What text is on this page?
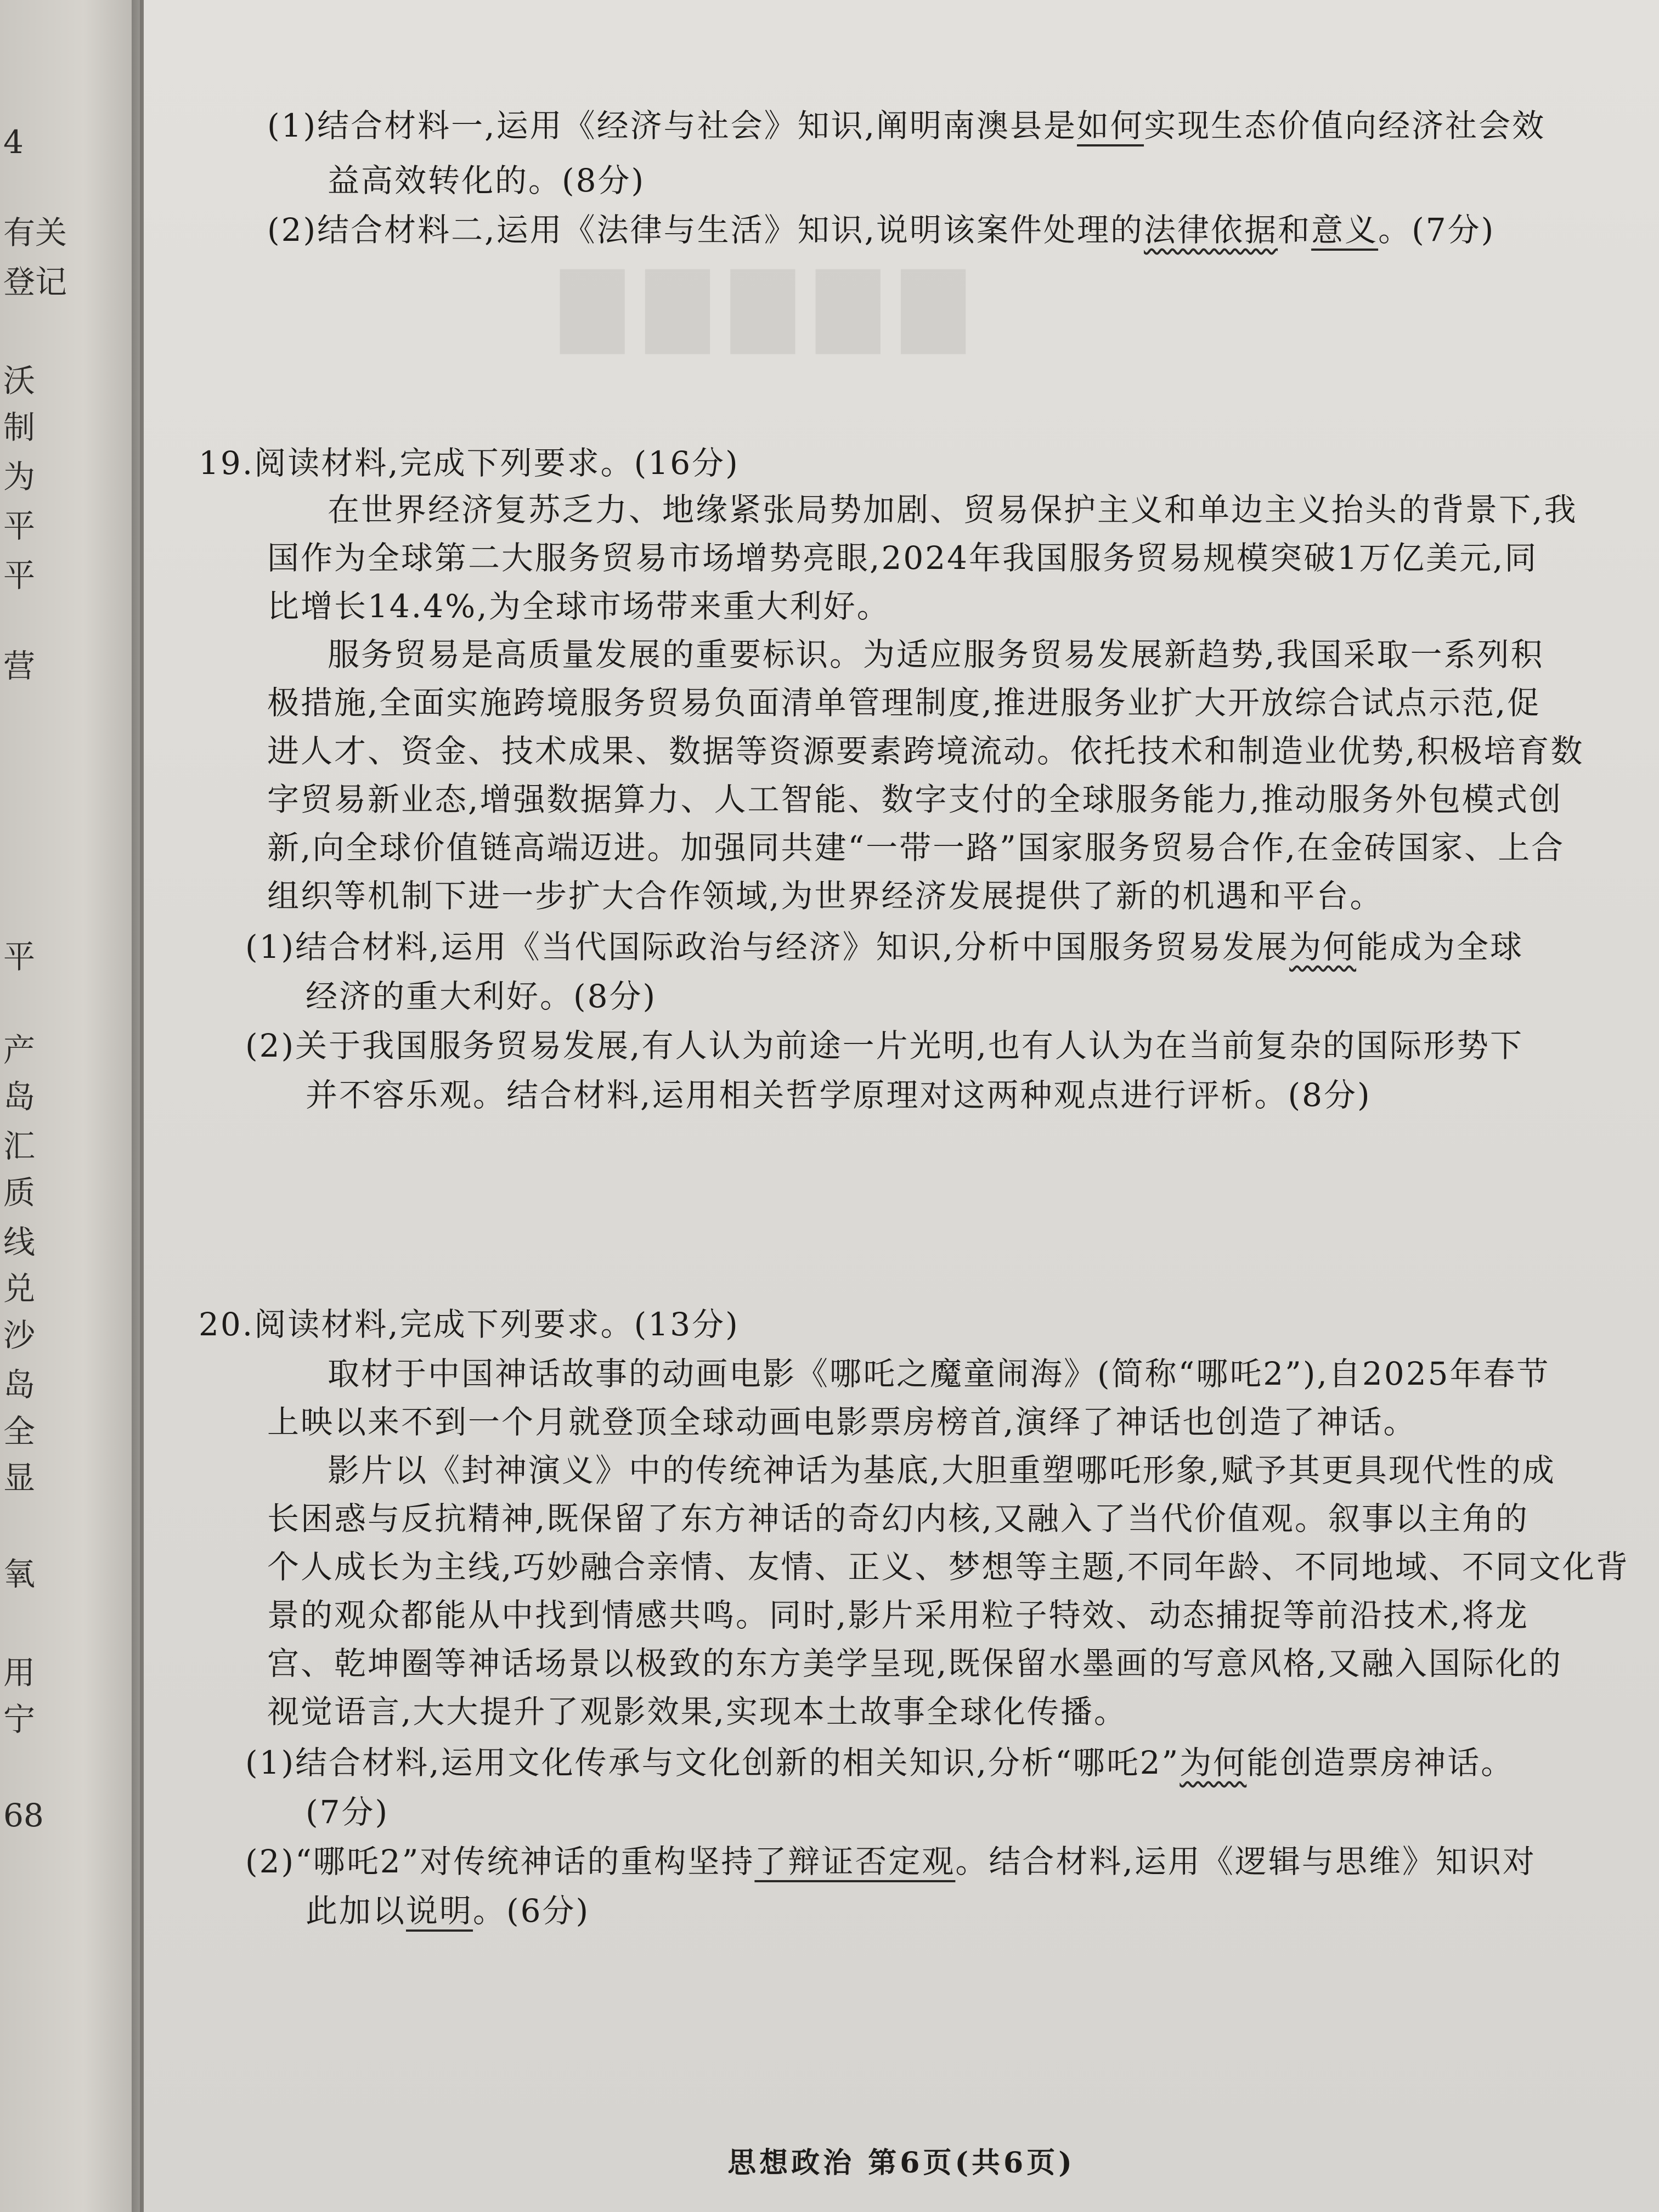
4
有关
登记
沃
制
为
平
平
营
平
产
岛
汇
质
线
兑
沙
岛
全
显
氧
用
宁
68
▇▇▇▇▇
(1)结合材料一,运用《经济与社会》知识,阐明南澳县是如何实现生态价值向经济社会效
益高效转化的。(8分)
(2)结合材料二,运用《法律与生活》知识,说明该案件处理的法律依据和意义。(7分)
19.阅读材料,完成下列要求。(16分)
在世界经济复苏乏力、地缘紧张局势加剧、贸易保护主义和单边主义抬头的背景下,我
国作为全球第二大服务贸易市场增势亮眼,2024年我国服务贸易规模突破1万亿美元,同
比增长14.4%,为全球市场带来重大利好。
服务贸易是高质量发展的重要标识。为适应服务贸易发展新趋势,我国采取一系列积
极措施,全面实施跨境服务贸易负面清单管理制度,推进服务业扩大开放综合试点示范,促
进人才、资金、技术成果、数据等资源要素跨境流动。依托技术和制造业优势,积极培育数
字贸易新业态,增强数据算力、人工智能、数字支付的全球服务能力,推动服务外包模式创
新,向全球价值链高端迈进。加强同共建“一带一路”国家服务贸易合作,在金砖国家、上合
组织等机制下进一步扩大合作领域,为世界经济发展提供了新的机遇和平台。
(1)结合材料,运用《当代国际政治与经济》知识,分析中国服务贸易发展为何能成为全球
经济的重大利好。(8分)
(2)关于我国服务贸易发展,有人认为前途一片光明,也有人认为在当前复杂的国际形势下
并不容乐观。结合材料,运用相关哲学原理对这两种观点进行评析。(8分)
20.阅读材料,完成下列要求。(13分)
取材于中国神话故事的动画电影《哪吒之魔童闹海》(简称“哪吒2”),自2025年春节
上映以来不到一个月就登顶全球动画电影票房榜首,演绎了神话也创造了神话。
影片以《封神演义》中的传统神话为基底,大胆重塑哪吒形象,赋予其更具现代性的成
长困惑与反抗精神,既保留了东方神话的奇幻内核,又融入了当代价值观。叙事以主角的
个人成长为主线,巧妙融合亲情、友情、正义、梦想等主题,不同年龄、不同地域、不同文化背
景的观众都能从中找到情感共鸣。同时,影片采用粒子特效、动态捕捉等前沿技术,将龙
宫、乾坤圈等神话场景以极致的东方美学呈现,既保留水墨画的写意风格,又融入国际化的
视觉语言,大大提升了观影效果,实现本土故事全球化传播。
(1)结合材料,运用文化传承与文化创新的相关知识,分析“哪吒2”为何能创造票房神话。
(7分)
(2)“哪吒2”对传统神话的重构坚持了辩证否定观。结合材料,运用《逻辑与思维》知识对
此加以说明。(6分)
思想政治 第6页(共6页)
